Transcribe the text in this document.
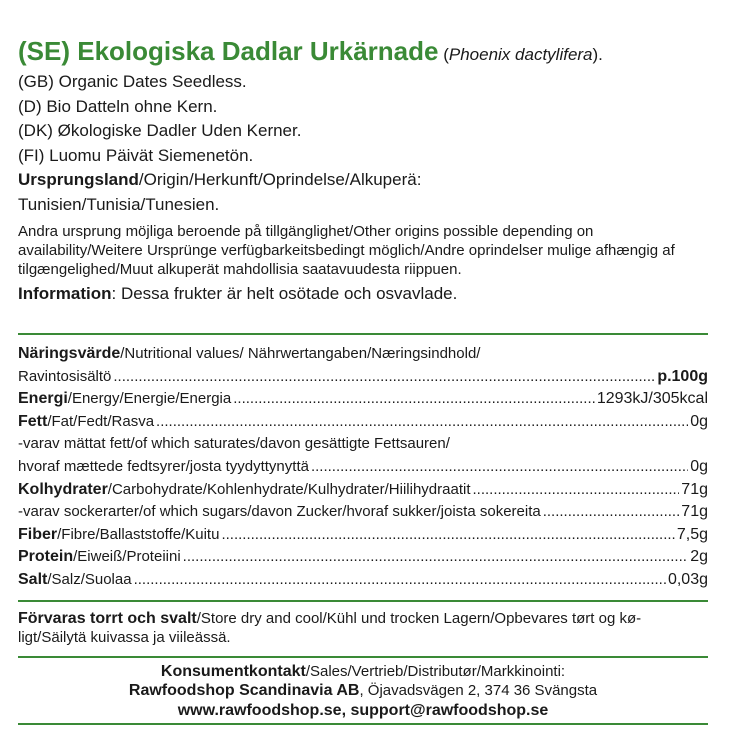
(SE) Ekologiska Dadlar Urkärnade (Phoenix dactylifera).
(GB) Organic Dates Seedless.
(D) Bio Datteln ohne Kern.
(DK) Økologiske Dadler Uden Kerner.
(FI) Luomu Päivät Siemenetön.
Ursprungsland/Origin/Herkunft/Oprindelse/Alkuperä:
Tunisien/Tunisia/Tunesien.
Andra ursprung möjliga beroende på tillgänglighet/Other origins possible depending on availability/Weitere Ursprünge verfügbarkeitsbedingt möglich/Andre oprindelser mulige afhængig af tilgængelighed/Muut alkuperät mahdollisia saatavuudesta riippuen.
Information: Dessa frukter är helt osötade och osvavlade.
Näringsvärde/Nutritional values/ Nährwertangaben/Næringsindhold/
Ravintosisältö .....	p.100g
Energi/Energy/Energie/Energia .....	1293kJ/305kcal
Fett/Fat/Fedt/Rasva .....	0g
-varav mättat fett/of which saturates/davon gesättigte Fettsauren/
hvoraf mættede fedtsyrer/josta tyydyttynyttä .....	0g
Kolhydrater/Carbohydrate/Kohlenhydrate/Kulhydrater/Hiilihydraatit .....	71g
-varav sockerarter/of which sugars/davon Zucker/hvoraf sukker/joista sokereita .....	71g
Fiber/Fibre/Ballaststoffe/Kuitu .....	7,5g
Protein/Eiweiß/Proteiini .....	2g
Salt/Salz/Suolaa .....	0,03g
Förvaras torrt och svalt/Store dry and cool/Kühl und trocken Lagern/Opbevares tørt og kø-ligt/Säilytä kuivassa ja viileässä.
Konsumentkontakt/Sales/Vertrieb/Distributør/Markkinointi:
Rawfoodshop Scandinavia AB, Öjavadsvägen 2, 374 36 Svängsta
www.rawfoodshop.se, support@rawfoodshop.se
